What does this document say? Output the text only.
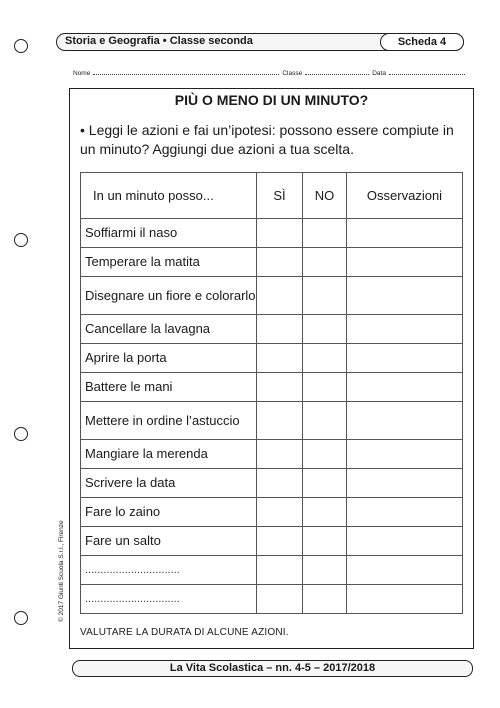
Storia e Geografia • Classe seconda	Scheda 4
Nome	Classe	Data
PIÙ O MENO DI UN MINUTO?
• Leggi le azioni e fai un’ipotesi: possono essere compiute in un minuto? Aggiungi due azioni a tua scelta.
In un minuto posso...	SÌ	NO	Osservazioni
Soffiarmi il naso			
Temperare la matita			
Disegnare un fiore e colorarlo			
Cancellare la lavagna			
Aprire la porta			
Battere le mani			
Mettere in ordine l’astuccio			
Mangiare la merenda			
Scrivere la data			
Fare lo zaino			
Fare un salto			
...............................			
...............................			
VALUTARE LA DURATA DI ALCUNE AZIONI.
© 2017 Giunti Scuola S.r.l., Firenze
La Vita Scolastica – nn. 4-5 – 2017/2018
